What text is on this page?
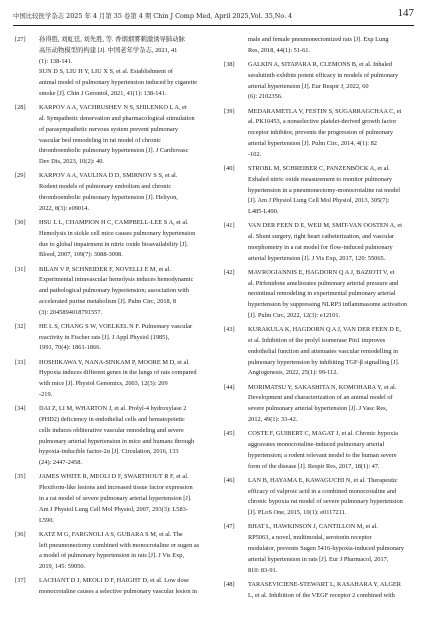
中国比较医学杂志 2025 年 4 月第 35 卷第 4 期 Chin J Comp Med, April 2025,Vol. 35,No. 4	147
[27] 孙得胜, 刘虹廷, 刘先胜, 等. 香烟烟雾刺激诱导肺动脉

高压动物模型的构建 [J]. 中国老年学杂志, 2021, 41

(1): 138-141.

SUN D S, LIU H Y, LIU X S, et al. Establishment of

animal model of pulmonary hypertension induced by cigarette

smoke [J]. Chin J Gerontol, 2021, 41(1): 138-141.

[28] KARPOV A A, VACHRUSHEV N S, SHILENKO L A, et

al. Sympathetic denervation and pharmacological stimulation

of parasympathetic nervous system prevent pulmonary

vascular bed remodeling in rat model of chronic

thromboembolic pulmonary hypertension [J]. J Cardiovasc

Dev Dis, 2023, 10(2): 40.

[29] KARPOV A A, VAULINA D D, SMIRNOV S S, et al.

Rodent models of pulmonary embolism and chronic

thromboembolic pulmonary hypertension [J]. Heliyon,

2022, 8(3): e09014.

[30] HSU L L, CHAMPION H C, CAMPBELL-LEE S A, et al.

Hemolysis in sickle cell mice causes pulmonary hypertension

due to global impairment in nitric oxide bioavailability [J].

Blood, 2007, 109(7): 3088-3098.

[31] BILAN V P, SCHNEIDER F, NOVELLI E M, et al.

Experimental intravascular hemolysis induces hemodynamic

and pathological pulmonary hypertension; association with

accelerated purine metabolism [J]. Pulm Circ, 2018, 8

(3): 2045894018791557.

[32] HE L S, CHANG S W, VOELKEL N F. Pulmonary vascular

reactivity in Fischer rats [J]. J Appl Physiol (1985),

1991, 70(4): 1861-1866.

[33] HOSHIKAWA Y, NANA-SINKAM P, MOORE M D, et al.

Hypoxia induces different genes in the lungs of rats compared

with mice [J]. Physiol Genomics, 2003, 12(3): 209

-219.

[34] DAI Z, LI M, WHARTON J, et al. Prolyl-4 hydroxylase 2

(PHD2) deficiency in endothelial cells and hematopoietic

cells induces obliterative vascular remodeling and severe

pulmonary arterial hypertension in mice and humans through

hypoxia-inducible factor-2α [J]. Circulation, 2016, 133

(24): 2447-2458.

[35] JAMES WHITE R, MEOLI D F, SWARTHOUT R F, et al.

Plexiform-like lesions and increased tissue factor expression

in a rat model of severe pulmonary arterial hypertension [J].

Am J Physiol Lung Cell Mol Physiol, 2007, 293(3): L583-

L590.

[36] KATZ M G, FARGNOLI A S, GUBARA S M, et al. The

left pneumonectomy combined with monocrotaline or sugen as

a model of pulmonary hypertension in rats [J]. J Vis Exp,

2019, 145: 59050.

[37] LACHANT D J, MEOLI D F, HAIGHT D, et al. Low dose

monocrotaline causes a selective pulmonary vascular lesion in

male and female pneumonectomized rats [J]. Exp Lung

Res, 2018, 44(1): 51-61.

[38] GALKIN A, SITAPARA R, CLEMONS B, et al. Inhaled

seralutinib exhibits potent efficacy in models of pulmonary

arterial hypertension [J]. Eur Respir J, 2022, 60

(6): 2102356.

[39] MEDARAMETLA V, FESTIN S, SUGARRAGCHAA C, et

al. PK10453, a nonselective platelet-derived growth factor

receptor inhibitor, prevents the progression of pulmonary

arterial hypertension [J]. Pulm Circ, 2014, 4(1): 82

-102.

[40] STROBL M, SCHREIBER C, PANZENBÖCK A, et al.

Exhaled nitric oxide measurement to monitor pulmonary

hypertension in a pneumonectomy-monocrotaline rat model

[J]. Am J Physiol Lung Cell Mol Physiol, 2013, 305(7):

L485-L490.

[41] VAN DER FEEN D E, WEIJ M, SMIT-VAN OOSTEN A, et

al. Shunt surgery, right heart catheterization, and vascular

morphometry in a rat model for flow-induced pulmonary

arterial hypertension [J]. J Vis Exp, 2017, 120: 55065.

[42] MAVROGIANNIS E, HAGDORN Q A J, BAZIOTI V, et

al. Pirfenidone ameliorates pulmonary arterial pressure and

neointimal remodeling in experimental pulmonary arterial

hypertension by suppressing NLRP3 inflammasome activation

[J]. Pulm Circ, 2022, 12(3): e12101.

[43] KURAKULA K, HAGDORN Q A J, VAN DER FEEN D E,

et al. Inhibition of the prolyl isomerase Pin1 improves

endothelial function and attenuates vascular remodelling in

pulmonary hypertension by inhibiting TGF-β signalling [J].

Angiogenesis, 2022, 25(1): 99-112.

[44] MORIMATSU Y, SAKASHITA N, KOMOHARA Y, et al.

Development and characterization of an animal model of

severe pulmonary arterial hypertension [J]. J Vasc Res,

2012, 49(1): 33-42.

[45] COSTE F, GUIBERT C, MAGAT J, et al. Chronic hypoxia

aggravates monocrotaline-induced pulmonary arterial

hypertension; a rodent relevant model to the human severe

form of the disease [J]. Respir Res, 2017, 18(1): 47.

[46] LAN B, HAYAMA E, KAWAGUCHI N, et al. Therapeutic

efficacy of valproic acid in a combined monocrotaline and

chronic hypoxia rat model of severe pulmonary hypertension

[J]. PLoS One, 2015, 10(1): e0117211.

[47] BHAT L, HAWKINSON J, CANTILLON M, et al.

RP5063, a novel, multimodal, serotonin receptor

modulator, prevents Sugen 5416-hypoxia-induced pulmonary

arterial hypertension in rats [J]. Eur J Pharmacol, 2017,

810: 83-91.

[48] TARASEVICIENE-STEWART L, KASAHARA Y, ALGER

L, et al. Inhibition of the VEGF receptor 2 combined with
